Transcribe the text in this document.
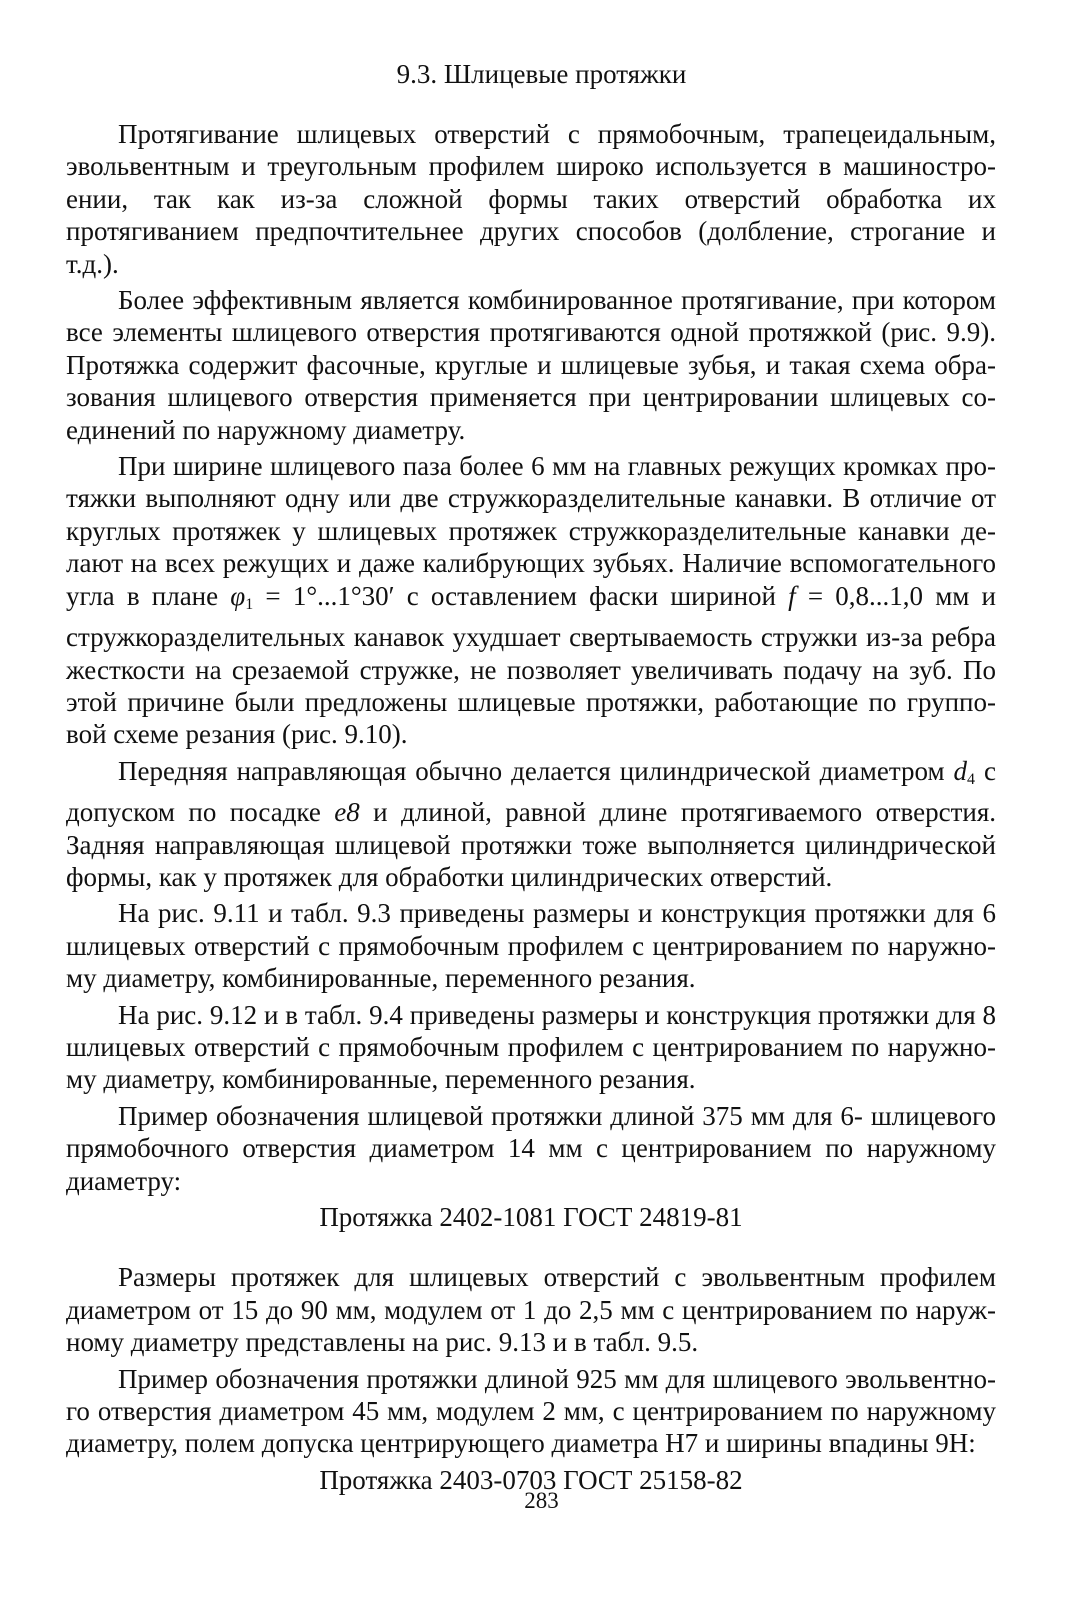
9.3. Шлицевые протяжки

Протягивание шлицевых отверстий с прямобочным, трапецеидальным, эвольвентным и треугольным профилем широко используется в машиностроении, так как из-за сложной формы таких отверстий обработка их протягиванием предпочтительнее других способов (долбление, строгание и т.д.).

Более эффективным является комбинированное протягивание, при котором все элементы шлицевого отверстия протягиваются одной протяжкой (рис. 9.9). Протяжка содержит фасочные, круглые и шлицевые зубья, и такая схема образования шлицевого отверстия применяется при центрировании шлицевых соединений по наружному диаметру.

При ширине шлицевого паза более 6 мм на главных режущих кромках протяжки выполняют одну или две стружкоразделительные канавки. В отличие от круглых протяжек у шлицевых протяжек стружкоразделительные канавки делают на всех режущих и даже калибрующих зубьях. Наличие вспомогательного угла в плане $\varphi_1 = 1^\circ...1^\circ 30'$ с оставлением фаски шириной f = 0,8...1,0 мм и стружкоразделительных канавок ухудшает свертываемость стружки из-за ребра жесткости на срезаемой стружке, не позволяет увеличивать подачу на зуб. По этой причине были предложены шлицевые протяжки, работающие по групповой схеме резания (рис. 9.10).

Передняя направляющая обычно делается цилиндрической диаметром $d_4$ с допуском по посадке e8 и длиной, равной длине протягиваемого отверстия. Задняя направляющая шлицевой протяжки тоже выполняется цилиндрической формы, как у протяжек для обработки цилиндрических отверстий.

На рис. 9.11 и табл. 9.3 приведены размеры и конструкция протяжки для 6 шлицевых отверстий с прямобочным профилем с центрированием по наружному диаметру, комбинированные, переменного резания.

На рис. 9.12 и в табл. 9.4 приведены размеры и конструкция протяжки для 8 шлицевых отверстий с прямобочным профилем с центрированием по наружному диаметру, комбинированные, переменного резания.

Пример обозначения шлицевой протяжки длиной 375 мм для 6- шлицевого прямобочного отверстия диаметром 14 мм с центрированием по наружному диаметру:

Протяжка 2402-1081 ГОСТ 24819-81

Размеры протяжек для шлицевых отверстий с эвольвентным профилем диаметром от 15 до 90 мм, модулем от 1 до 2,5 мм с центрированием по наружному диаметру представлены на рис. 9.13 и в табл. 9.5.

Пример обозначения протяжки длиной 925 мм для шлицевого эвольвентного отверстия диаметром 45 мм, модулем 2 мм, с центрированием по наружному диаметру, полем допуска центрирующего диаметра Н7 и ширины впадины 9Н:

Протяжка 2403-0703 ГОСТ 25158-82

283
